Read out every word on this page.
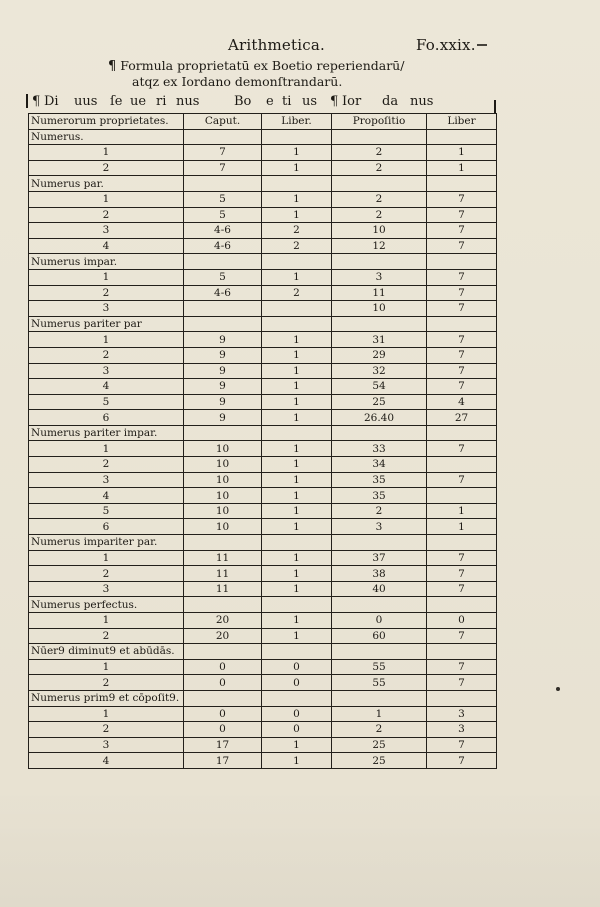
Arithmetica.	Fo.xxix.
¶ Formula proprietatū ex Boetio reperiendarū/
atqz ex Iordano demonſtrandarū.
¶ Di uus ſe ue ri nus	Bo e ti us ¶ Ior da nus
Numerorum proprietates.	Caput.	Liber.	Propoſitio	Liber
Numerus.				
1	7	1	2	1
2	7	1	2	1
Numerus par.				
1	5	1	2	7
2	5	1	2	7
3	4-6	2	10	7
4	4-6	2	12	7
Numerus impar.				
1	5	1	3	7
2	4-6	2	11	7
3			10	7
Numerus pariter par				
1	9	1	31	7
2	9	1	29	7
3	9	1	32	7
4	9	1	54	7
5	9	1	25	4
6	9	1	26.40	27
Numerus pariter impar.				
1	10	1	33	7
2	10	1	34	
3	10	1	35	7
4	10	1	35	
5	10	1	2	1
6	10	1	3	1
Numerus impariter par.				
1	11	1	37	7
2	11	1	38	7
3	11	1	40	7
Numerus perfectus.				
1	20	1	0	0
2	20	1	60	7
Nūer9 diminut9 et abūdās.				
1	0	0	55	7
2	0	0	55	7
Numerus prim9 et cōpoſit9.				
1	0	0	1	3
2	0	0	2	3
3	17	1	25	7
4	17	1	25	7
